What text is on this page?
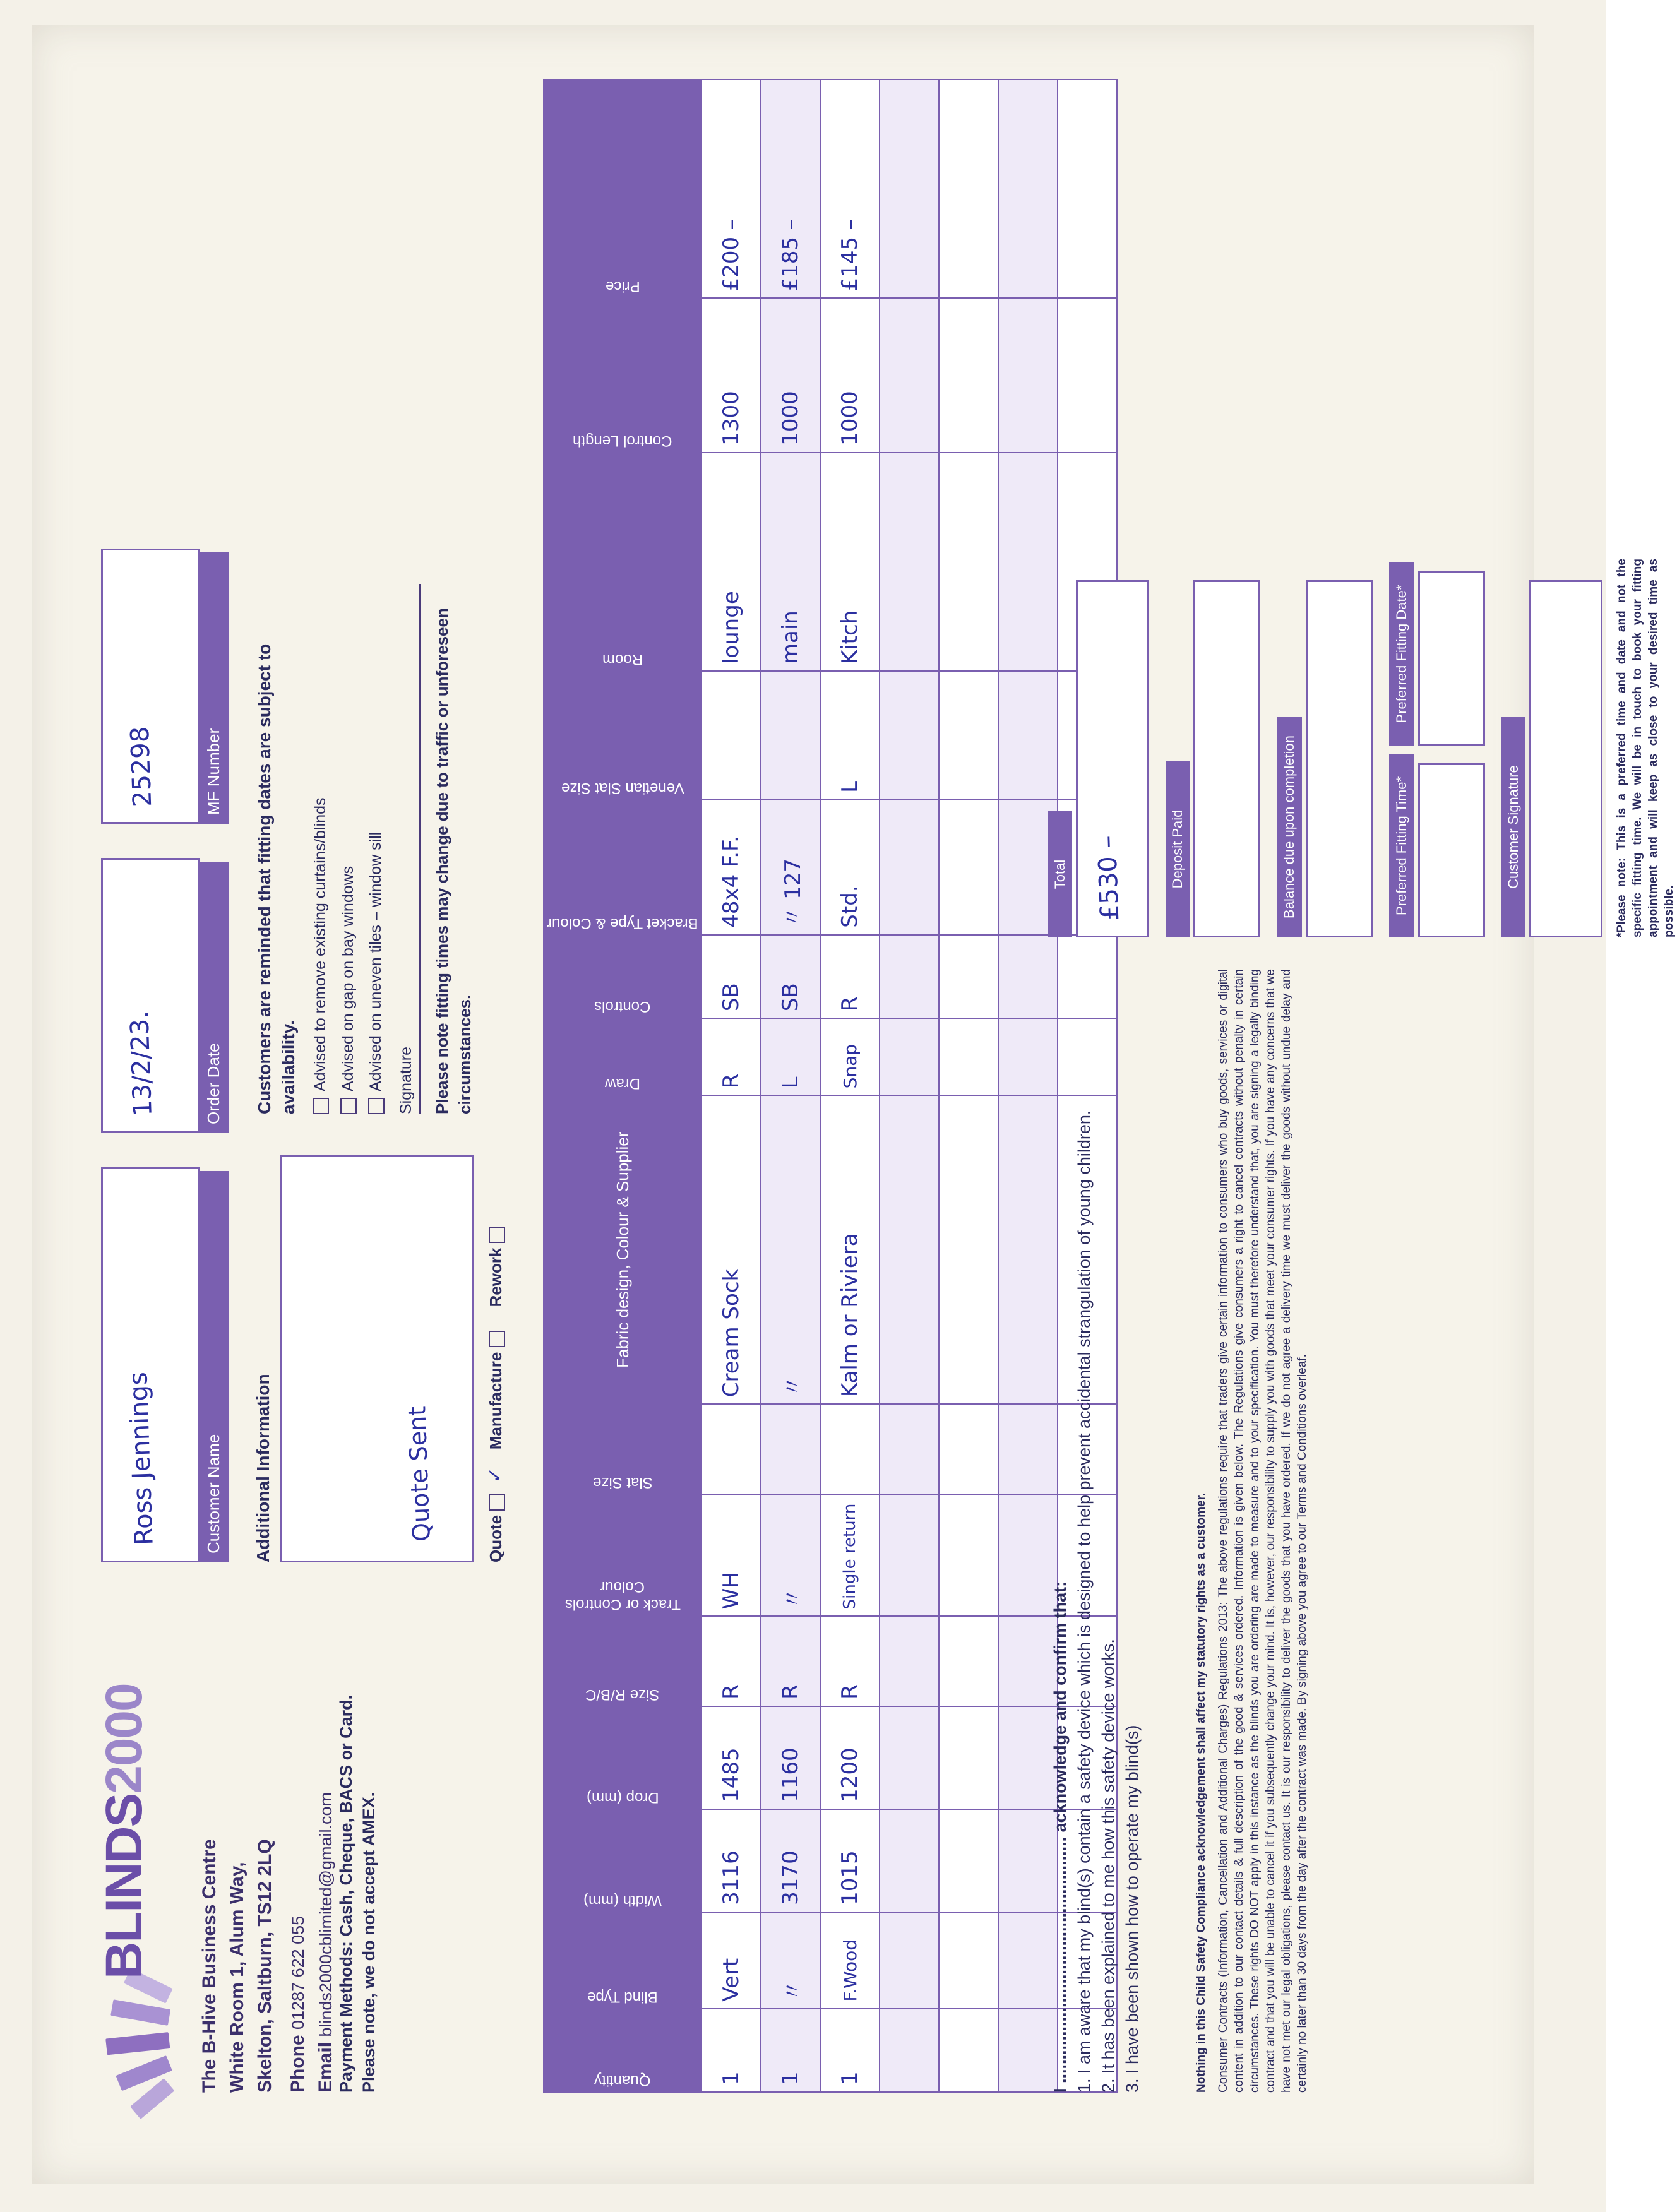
BLINDS2000
The B-Hive Business Centre White Room 1, Alum Way, Skelton, Saltburn, TS12 2LQ Phone 01287 622 055
Email blinds2000cblimited@gmail.com Payment Methods: Cash, Cheque, BACS or Card. Please note, we do not accept AMEX.
Ross Jennings	Customer Name
13/2/23.	Order Date
25298	MF Number
Additional Information	Quote Sent	Quote  ✓
Manufacture
Rework
Customers are reminded that fitting dates are subject to availability. Advised to remove existing curtains/blinds Advised on gap on bay windows Advised on uneven tiles – window sill Signature	Please note fitting times may change due to traffic or unforeseen circumstances.
Quantity	Blind Type	Width (mm)	Drop (mm)	Size R/B/C	Track or Controls Colour	Slat Size	Fabric design, Colour & Supplier	Draw	Controls	Bracket Type & Colour	Venetian Slat Size	Room	Control Length	Price

1	Vert	3116	1485	R	WH		Cream Sock	R	SB	48x4 F.F.		lounge	1300	£200 –
1	〃	3170	1160	R	〃		〃	L	SB	〃 127		main	1000	£185 –
1	F.Wood	1015	1200	R	Single return		Kalm or Riviera	Snap	R	Std.	L	Kitch	1000	£145 –

I .................................................... acknowledge and confirm that: 1. I am aware that my blind(s) contain a safety device which is designed to help prevent accidental strangulation of young children. 2. It has been explained to me how this safety device works. 3. I have been shown how to operate my blind(s)	Nothing in this Child Safety Compliance acknowledgement shall affect my statutory rights as a customer. Consumer Contracts (Information, Cancellation and Additional Charges) Regulations 2013: The above regulations require that traders give certain information to consumers who buy goods, services or digital content in addition to our contact details & full description of the good & services ordered. Information is given below. The Regulations give consumers a right to cancel contracts without penalty in certain circumstances. These rights DO NOT apply in this instance as the blinds you are ordering are made to measure and to your specification. You must therefore understand that, you are signing a legally binding contract and that you will be unable to cancel it if you subsequently change your mind. It is, however, our responsibility to supply you with goods that meet your consumer rights. If you have any concerns that we have not met our legal obligations, please contact us. It is our responsibility to deliver the goods that you have ordered. If we do not agree a delivery time we must deliver the goods without undue delay and certainly no later than 30 days from the day after the contract was made. By signing above you agree to our Terms and Conditions overleaf.
Total £530 –	Deposit Paid	Balance due upon completion	Preferred Fitting Time*
Preferred Fitting Date*
Customer Signature	*Please note: This is a preferred time and date and not the specific fitting time. We will be in touch to book your fitting appointment and will keep as close to your desired time as possible.
